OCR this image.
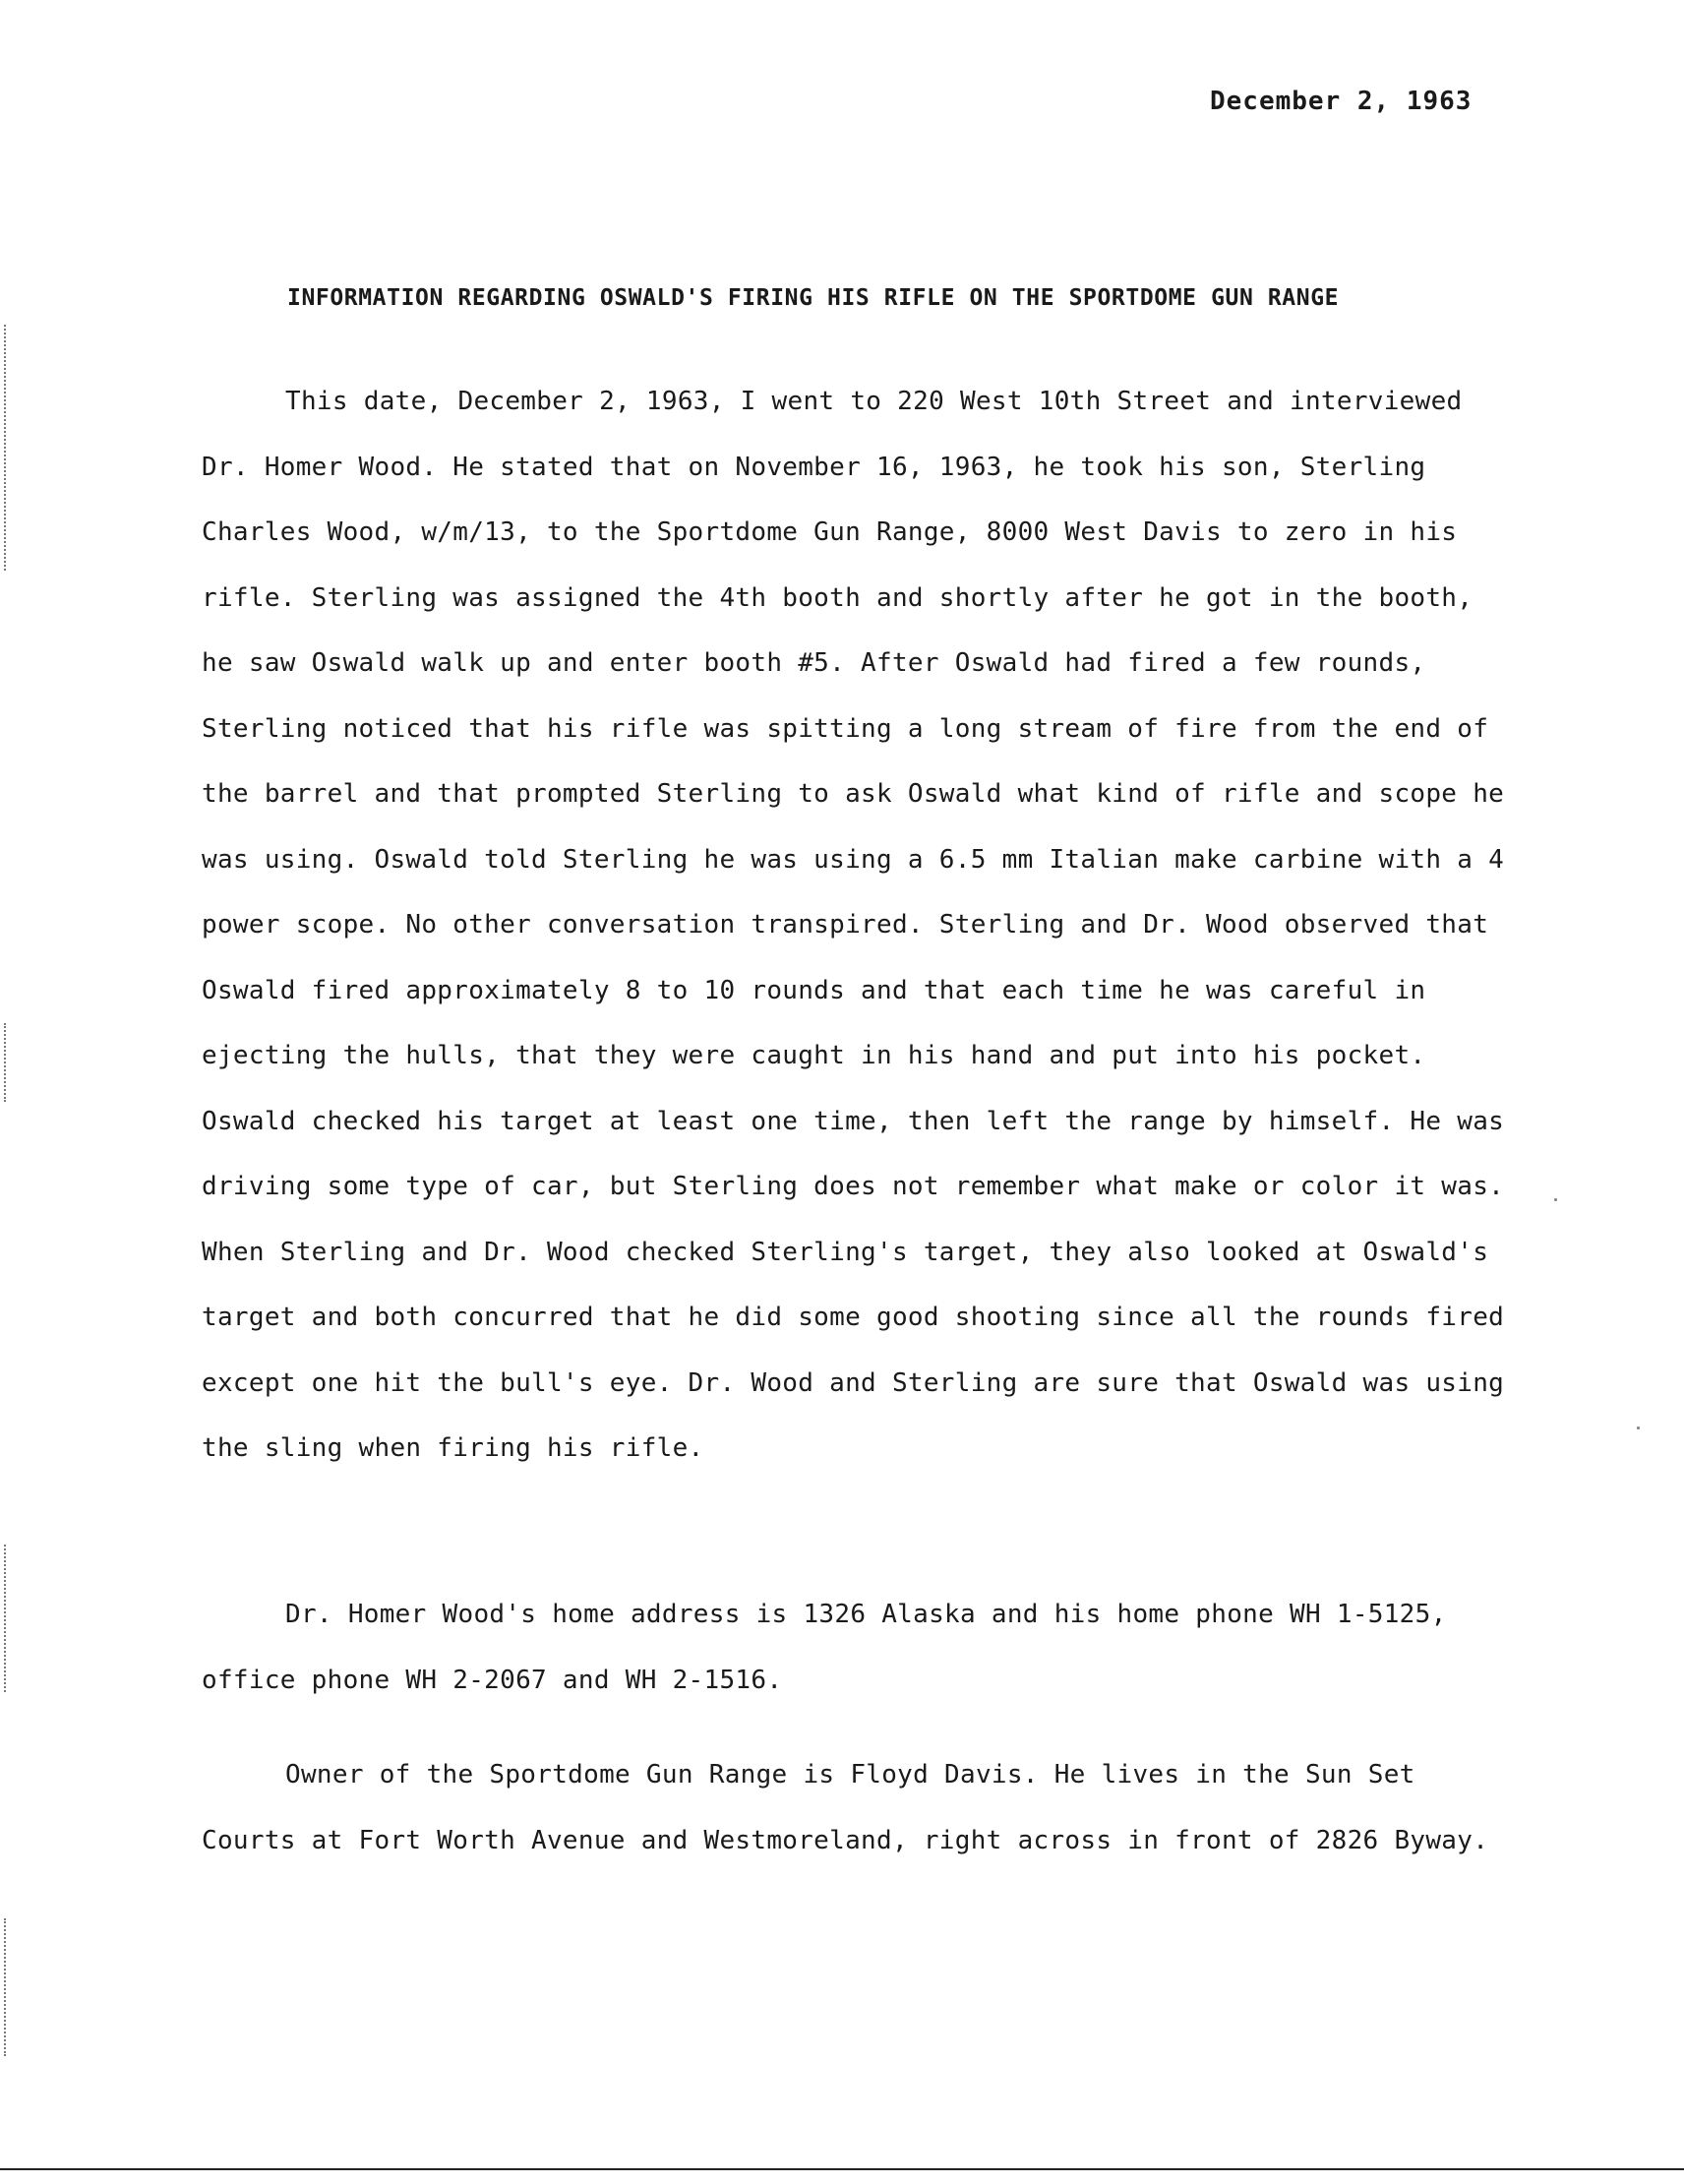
December 2, 1963
INFORMATION REGARDING OSWALD'S FIRING HIS RIFLE ON THE SPORTDOME GUN RANGE

This date, December 2, 1963, I went to 220 West 10th Street and interviewed Dr. Homer Wood. He stated that on November 16, 1963, he took his son, Sterling Charles Wood, w/m/13, to the Sportdome Gun Range, 8000 West Davis to zero in his rifle. Sterling was assigned the 4th booth and shortly after he got in the booth, he saw Oswald walk up and enter booth #5. After Oswald had fired a few rounds, Sterling noticed that his rifle was spitting a long stream of fire from the end of the barrel and that prompted Sterling to ask Oswald what kind of rifle and scope he was using. Oswald told Sterling he was using a 6.5 mm Italian make carbine with a 4 power scope. No other conversation transpired. Sterling and Dr. Wood observed that Oswald fired approximately 8 to 10 rounds and that each time he was careful in ejecting the hulls, that they were caught in his hand and put into his pocket. Oswald checked his target at least one time, then left the range by himself. He was driving some type of car, but Sterling does not remember what make or color it was. When Sterling and Dr. Wood checked Sterling's target, they also looked at Oswald's target and both concurred that he did some good shooting since all the rounds fired except one hit the bull's eye. Dr. Wood and Sterling are sure that Oswald was using the sling when firing his rifle.

Dr. Homer Wood's home address is 1326 Alaska and his home phone WH 1-5125, office phone WH 2-2067 and WH 2-1516.

Owner of the Sportdome Gun Range is Floyd Davis. He lives in the Sun Set Courts at Fort Worth Avenue and Westmoreland, right across in front of 2826 Byway.
